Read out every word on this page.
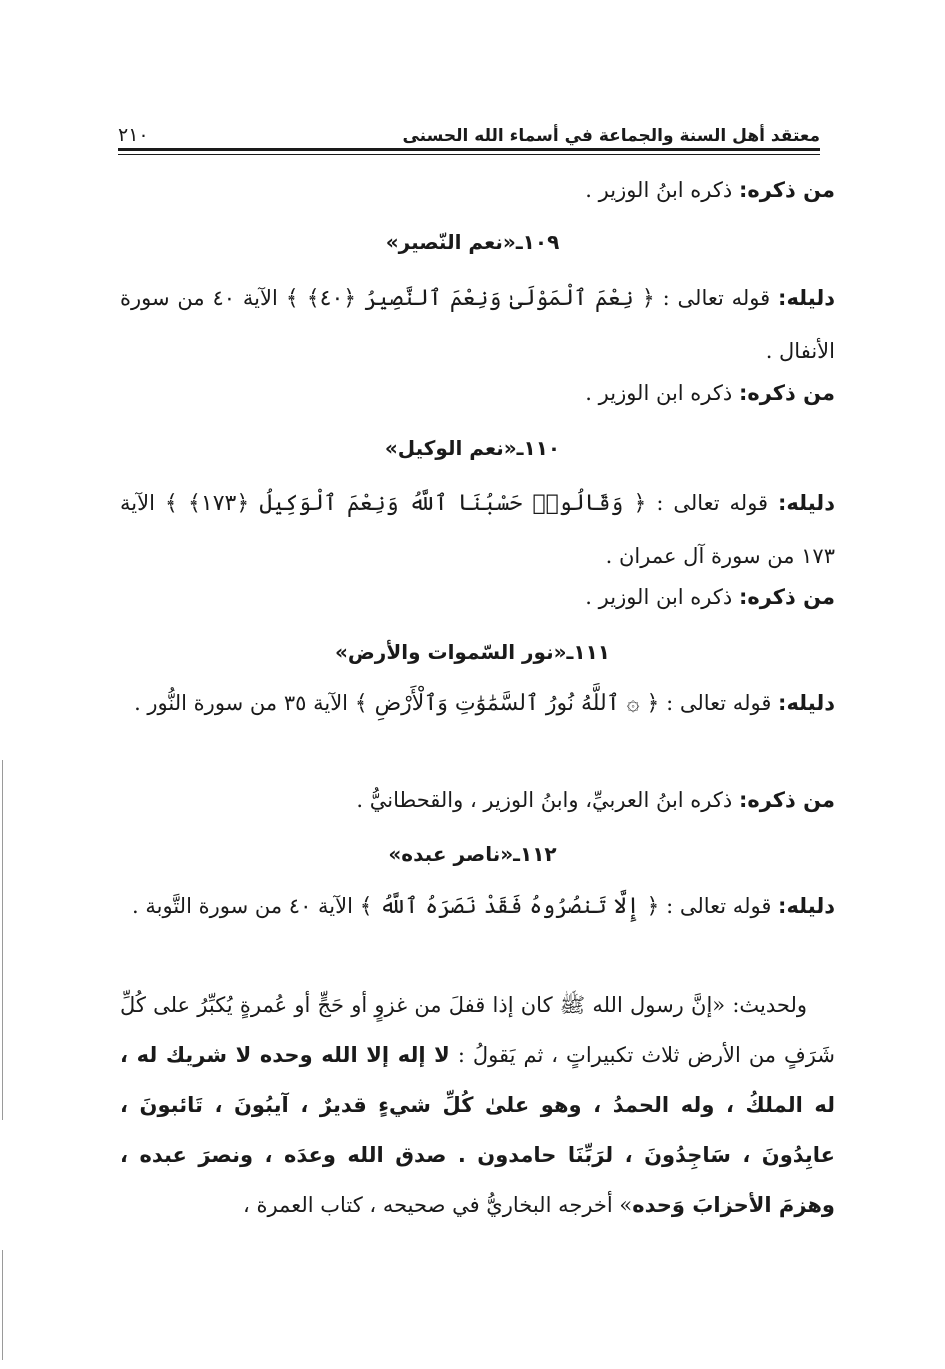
معتقد أهل السنة والجماعة في أسماء الله الحسنى
٢١٠
من ذكره: ذكره ابنُ الوزير .
١٠٩ـ«نعم النّصير»
دليله: قوله تعالى : ﴿ نِعْمَ ٱلْمَوْلَىٰ وَنِعْمَ ٱلنَّصِيرُ ﴿٤٠﴾ ﴾ الآية ٤٠ من سورة الأنفال .
من ذكره: ذكره ابن الوزير .
١١٠ـ«نعم الوكيل»
دليله: قوله تعالى : ﴿ وَقَالُوا۟ حَسْبُنَا ٱللَّهُ وَنِعْمَ ٱلْوَكِيلُ ﴿١٧٣﴾ ﴾ الآية ١٧٣ من سورة آل عمران .
من ذكره: ذكره ابن الوزير .
١١١ـ«نور السّموات والأرض»
دليله: قوله تعالى : ﴿ ۞ ٱللَّهُ نُورُ ٱلسَّمَٰوَٰتِ وَٱلْأَرْضِ ﴾ الآية ٣٥ من سورة النُّور .
من ذكره: ذكره ابنُ العربيِّ، وابنُ الوزير ، والقحطانيُّ .
١١٢ـ«ناصر عبده»
دليله: قوله تعالى : ﴿ إِلَّا تَنصُرُوهُ فَقَدْ نَصَرَهُ ٱللَّهُ ﴾ الآية ٤٠ من سورة التَّوبة .
ولحديث: «إنَّ رسول الله ﷺ كان إذا قفلَ من غزوٍ أو حَجٍّ أو عُمرةٍ يُكبِّرُ على كُلِّ شَرَفٍ من الأرض ثلاث تكبيراتٍ ، ثم يَقولُ : لا إله إلا الله وحده لا شريك له ، له الملكُ ، وله الحمدُ ، وهو علىٰ كُلِّ شيءٍ قديرٌ ، آيبُونَ ، تَائبونَ ، عابِدُونَ ، سَاجِدُونَ ، لرَبِّنَا حامدون . صدق الله وعدَه ، ونصرَ عبده ، وهزمَ الأحزابَ وَحده» أخرجه البخاريُّ في صحيحه ، كتاب العمرة ،
